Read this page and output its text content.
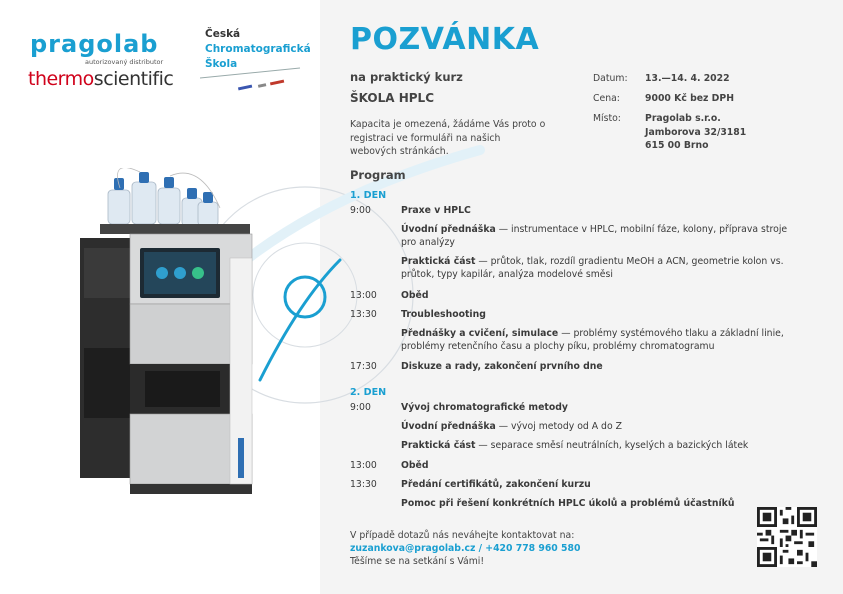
pragolab
autorizovaný distributor
thermoscientific
Česká
Chromatografická
Škola
POZVÁNKA
na praktický kurz
ŠKOLA HPLC
Kapacita je omezená, žádáme Vás proto o registraci ve formuláři na našich webových stránkách.
Datum: 13.—14. 4. 2022
Cena:	9000 Kč bez DPH
Místo:	Pragolab s.r.o.
Jamborova 32/3181
615 00 Brno
Program
1. DEN
9:00	Praxe v HPLC
Úvodní přednáška — instrumentace v HPLC, mobilní fáze, kolony, příprava stroje pro analýzy
Praktická část — průtok, tlak, rozdíl gradientu MeOH a ACN, geometrie kolon vs. průtok, typy kapilár, analýza modelové směsi
13:00	Oběd
13:30	Troubleshooting
Přednášky a cvičení, simulace — problémy systémového tlaku a základní linie, problémy retenčního času a plochy píku, problémy chromatogramu
17:30	Diskuze a rady, zakončení prvního dne
2. DEN
9:00	Vývoj chromatografické metody
Úvodní přednáška — vývoj metody od A do Z
Praktická část — separace směsí neutrálních, kyselých a bazických látek
13:00	Oběd
13:30	Předání certifikátů, zakončení kurzu
Pomoc při řešení konkrétních HPLC úkolů a problémů účastníků
V případě dotazů nás neváhejte kontaktovat na:
zuzankova@pragolab.cz / +420 778 960 580
Těšíme se na setkání s Vámi!
